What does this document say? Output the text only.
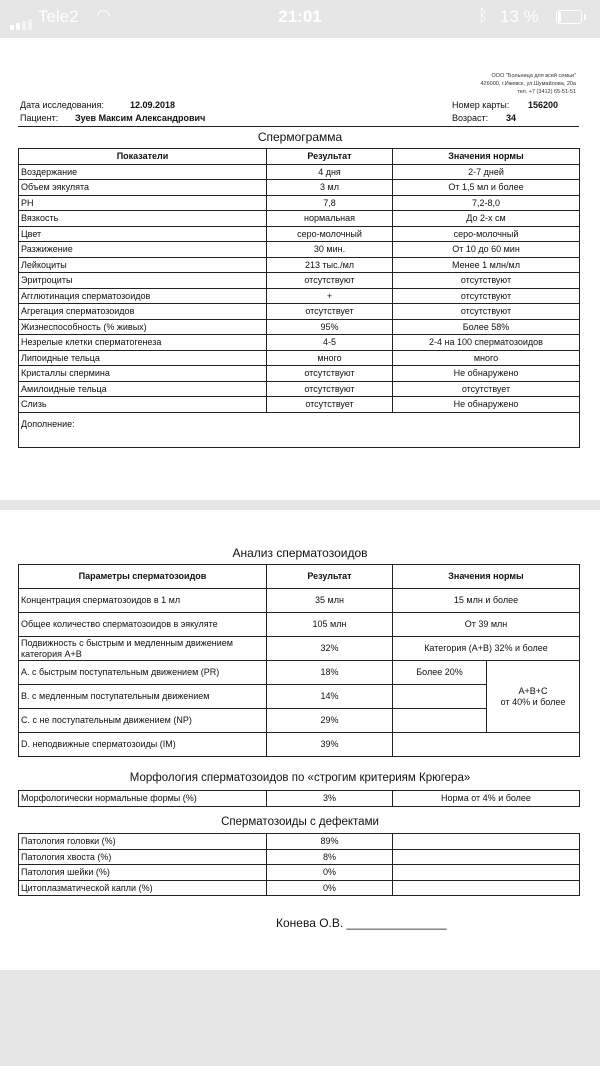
Tele2 ◠	21:01	ᛒ 13 %
ООО "Больница для всей семьи"
426000, г.Ижевск, ул.Шумайлова, 20а
тел. +7 (3412) 65-51-51
Дата исследования:	12.09.2018	Номер карты: 156200
Пациент: Зуев Максим Александрович	Возраст: 34
Спермограмма
Показатели	Результат	Значения нормы
Воздержание	4 дня	2-7 дней
Объем эякулята	3 мл	От 1,5 мл и более
PH	7,8	7,2-8,0
Вязкость	нормальная	До 2-х см
Цвет	серо-молочный	серо-молочный
Разжижение	30 мин.	От 10 до 60 мин
Лейкоциты	213 тыс./мл	Менее 1 млн/мл
Эритроциты	отсутствуют	отсутствуют
Агглютинация сперматозоидов	+	отсутствуют
Агрегация сперматозоидов	отсутствует	отсутствуют
Жизнеспособность (% живых)	95%	Более 58%
Незрелые клетки сперматогенеза	4-5	2-4 на 100 сперматозоидов
Липоидные тельца	много	много
Кристаллы спермина	отсутствуют	Не обнаружено
Амилоидные тельца	отсутствуют	отсутствует
Слизь	отсутствует	Не обнаружено
Дополнение:		
Анализ сперматозоидов
Параметры сперматозоидов	Результат	Значения нормы	
Концентрация сперматозоидов в 1 мл	35 млн	15 млн и более	
Общее количество сперматозоидов в эякуляте	105 млн	От 39 млн	
Подвижность с быстрым и медленным движением категория А+В	32%	Категория (А+В) 32% и более	
А. с быстрым поступательным движением (PR)	18%	Более 20%	А+В+С
от 40% и более
В. с медленным поступательным движением	14%		
С. с не поступательным движением (NP)	29%		
D. неподвижные сперматозоиды (IM)	39%		
Морфология сперматозоидов по «строгим критериям Крюгера»
Морфологически нормальные формы (%)	3%	Норма от 4% и более
Сперматозоиды с дефектами
Патология головки (%)	89%	
Патология хвоста (%)	8%	
Патология шейки (%)	0%	
Цитоплазматической капли (%)	0%	
Конева О.В. _______________
